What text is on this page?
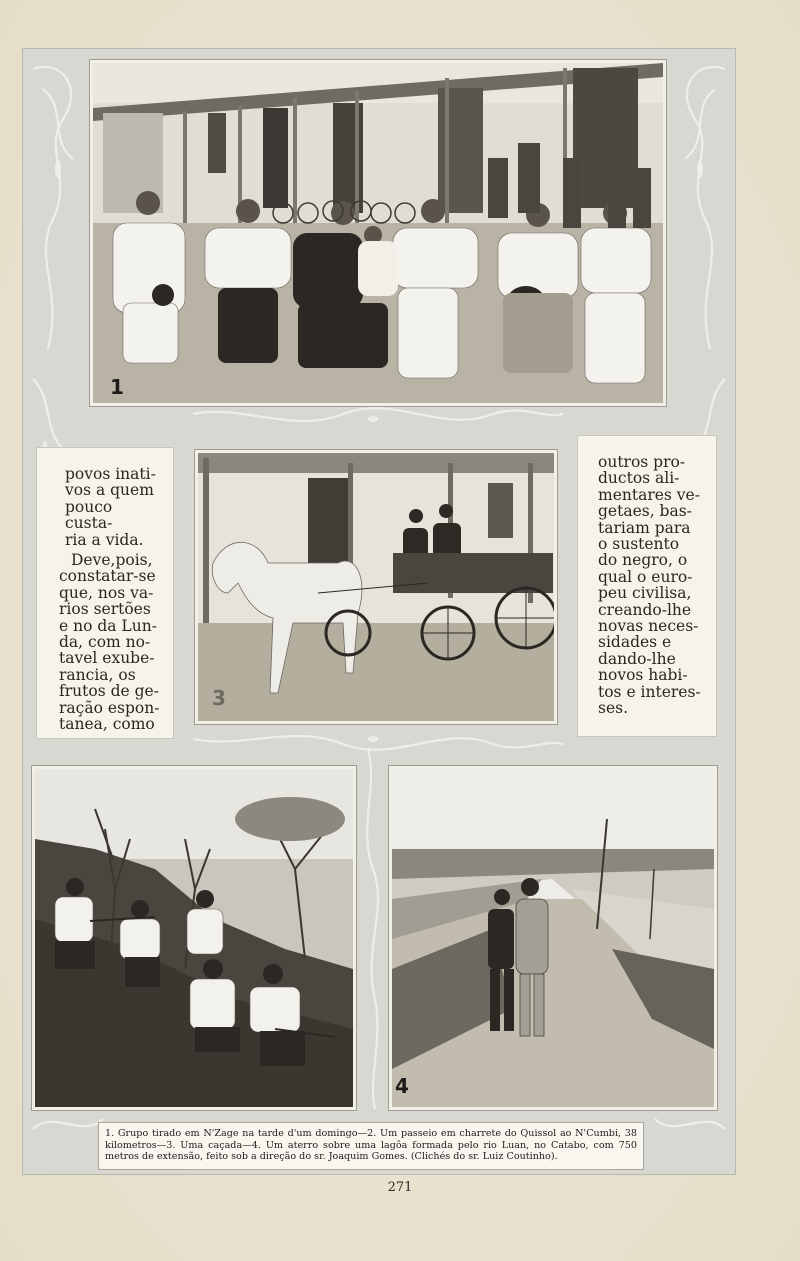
1

povos inati-
vos a quem
pouco custa-
ria a vida.

Deve,pois,
constatar-se
que, nos va-
rios sertões
e no da Lun-
da, com no-
tavel exube-
rancia, os
frutos de ge-
ração espon-
tanea, como

3

outros pro-
ductos ali-
mentares ve-
getaes, bas-
tariam para
o sustento
do negro, o
qual o euro-
peu civilisa,
creando-lhe
novas neces-
sidades e
dando-lhe
novos habi-
tos e interes-
ses.

4
1. Grupo tirado em N'Zage na tarde d'um domingo—2. Um passeio em charrete do Quissol ao N'Cumbi, 38 kilometros—3. Uma caçada—4. Um aterro sobre uma lagôa formada pelo rio Luan, no Catabo, com 750 metros de extensão, feito sob a direção do sr. Joaquim Gomes. (Clichés do sr. Luiz Coutinho).
271
